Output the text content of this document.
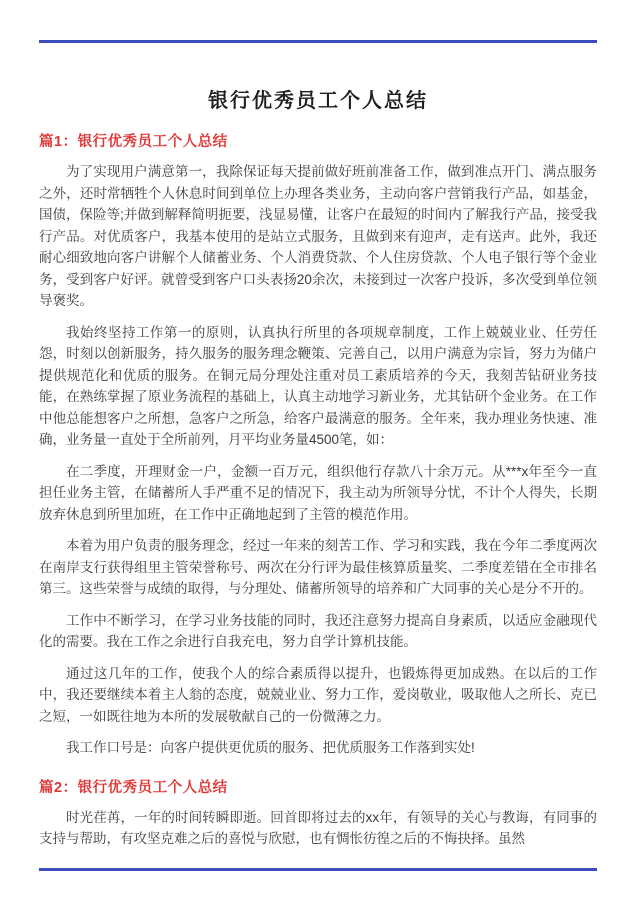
银行优秀员工个人总结
篇1：银行优秀员工个人总结

为了实现用户满意第一，我除保证每天提前做好班前准备工作，做到准点开门、满点服务之外，还时常牺牲个人休息时间到单位上办理各类业务，主动向客户营销我行产品，如基金，国债，保险等;并做到解释简明扼要，浅显易懂，让客户在最短的时间内了解我行产品，接受我行产品。对优质客户，我基本使用的是站立式服务，且做到来有迎声，走有送声。此外，我还耐心细致地向客户讲解个人储蓄业务、个人消费贷款、个人住房贷款、个人电子银行等个金业务，受到客户好评。就曾受到客户口头表扬20余次，未接到过一次客户投诉，多次受到单位领导褒奖。

我始终坚持工作第一的原则，认真执行所里的各项规章制度，工作上兢兢业业、任劳任怨，时刻以创新服务，持久服务的服务理念鞭策、完善自己，以用户满意为宗旨，努力为储户提供规范化和优质的服务。在铜元局分理处注重对员工素质培养的今天，我刻苦钻研业务技能，在熟练掌握了原业务流程的基础上，认真主动地学习新业务，尤其钻研个金业务。在工作中他总能想客户之所想，急客户之所急，给客户最满意的服务。全年来，我办理业务快速、准确，业务量一直处于全所前列，月平均业务量4500笔，如：

在二季度，开理财金一户，金额一百万元，组织他行存款八十余万元。从***x年至今一直担任业务主管，在储蓄所人手严重不足的情况下，我主动为所领导分忧，不计个人得失，长期放弃休息到所里加班，在工作中正确地起到了主管的模范作用。

本着为用户负责的服务理念，经过一年来的刻苦工作、学习和实践，我在今年二季度两次在南岸支行获得组里主管荣誉称号、两次在分行评为最佳核算质量奖、二季度差错在全市排名第三。这些荣誉与成绩的取得，与分理处、储蓄所领导的培养和广大同事的关心是分不开的。

工作中不断学习，在学习业务技能的同时，我还注意努力提高自身素质，以适应金融现代化的需要。我在工作之余进行自我充电，努力自学计算机技能。

通过这几年的工作，使我个人的综合素质得以提升，也锻炼得更加成熟。在以后的工作中，我还要继续本着主人翁的态度，兢兢业业、努力工作，爱岗敬业，吸取他人之所长、克已之短，一如既往地为本所的发展敬献自己的一份微薄之力。

我工作口号是：向客户提供更优质的服务、把优质服务工作落到实处!

篇2：银行优秀员工个人总结

时光荏苒，一年的时间转瞬即逝。回首即将过去的xx年，有领导的关心与教诲，有同事的支持与帮助，有攻坚克难之后的喜悦与欣慰，也有惆怅彷徨之后的不悔抉择。虽然
